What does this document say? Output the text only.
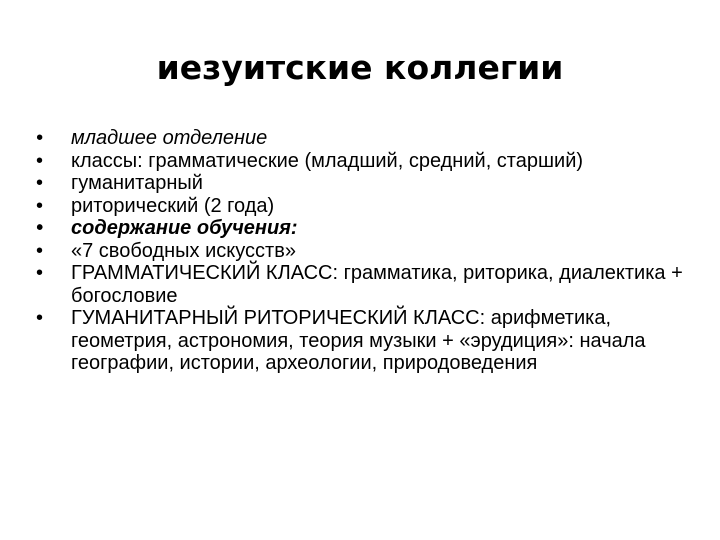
иезуитские коллегии
• младшее отделение
• классы: грамматические (младший, средний, старший)
• гуманитарный
• риторический (2 года)
• содержание обучения:
• «7 свободных искусств»
• ГРАММАТИЧЕСКИЙ КЛАСС: грамматика, риторика, диалектика + богословие
• ГУМАНИТАРНЫЙ РИТОРИЧЕСКИЙ КЛАСС: арифметика, геометрия, астрономия, теория музыки + «эрудиция»: начала географии, истории, археологии, природоведения
